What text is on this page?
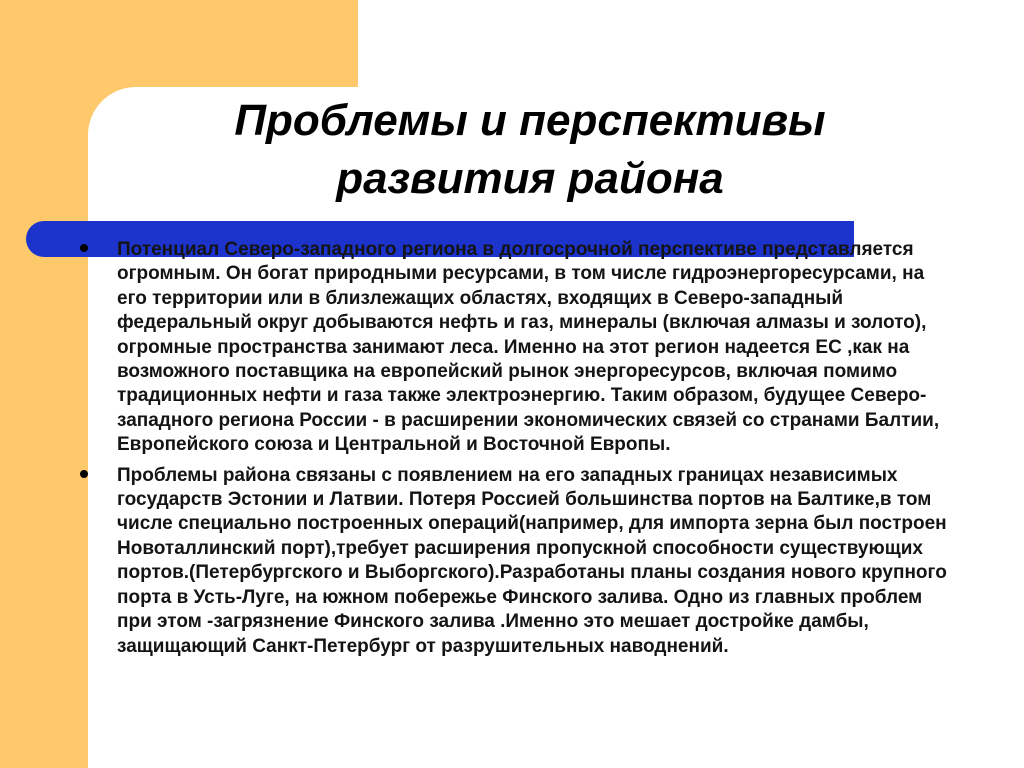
Проблемы и перспективы
развития района
Потенциал Северо-западного региона в долгосрочной перспективе представляется огромным. Он богат природными ресурсами, в том числе гидроэнергоресурсами, на его территории или в близлежащих областях, входящих в Северо-западный федеральный округ добываются нефть и газ, минералы (включая алмазы и золото), огромные пространства занимают леса. Именно на этот регион надеется ЕС ,как на возможного поставщика на европейский рынок энергоресурсов, включая помимо традиционных нефти и газа также электроэнергию. Таким образом, будущее Северо-западного региона России - в расширении экономических связей со странами Балтии, Европейского союза и Центральной и Восточной Европы.
Проблемы района связаны с появлением на его западных границах независимых государств Эстонии и Латвии. Потеря Россией большинства портов на Балтике,в том числе специально построенных операций(например, для импорта зерна был построен Новоталлинский порт),требует расширения пропускной способности существующих портов.(Петербургского и Выборгского).Разработаны планы создания нового крупного порта в Усть-Луге, на южном побережье Финского залива. Одно из главных проблем при этом -загрязнение Финского залива .Именно это мешает достройке дамбы, защищающий Санкт-Петербург от разрушительных наводнений.
